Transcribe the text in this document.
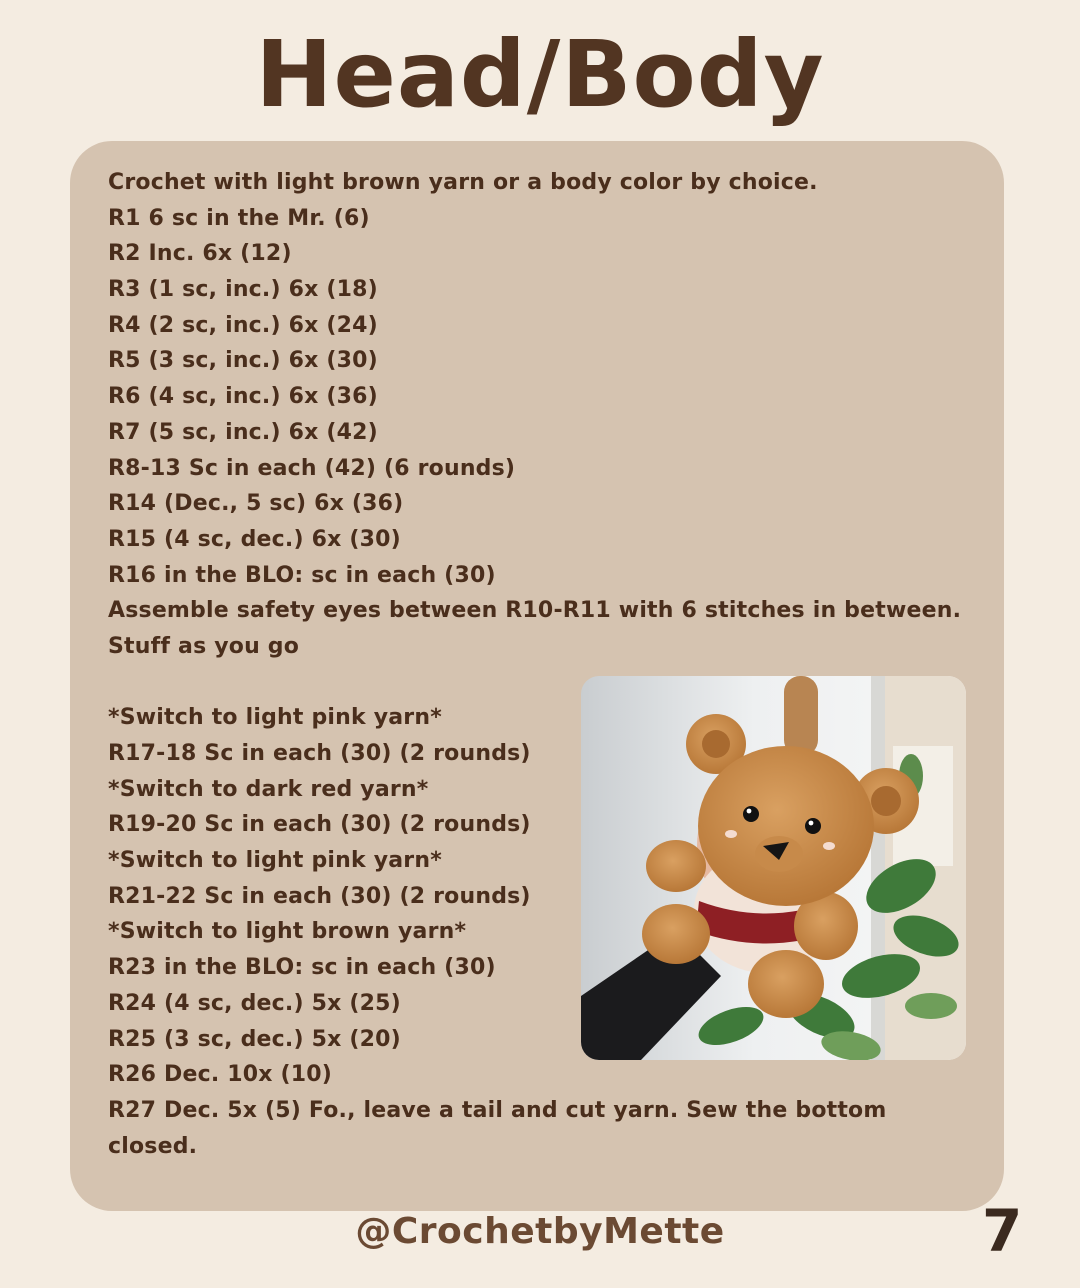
Head/Body
Crochet with light brown yarn or a body color by choice.
R1 6 sc in the Mr. (6)
R2 Inc. 6x (12)
R3 (1 sc, inc.) 6x (18)
R4 (2 sc, inc.) 6x (24)
R5 (3 sc, inc.) 6x (30)
R6 (4 sc, inc.) 6x (36)
R7 (5 sc, inc.) 6x (42)
R8-13 Sc in each (42) (6 rounds)
R14 (Dec., 5 sc) 6x (36)
R15 (4 sc, dec.) 6x (30)
R16 in the BLO: sc in each (30)
Assemble safety eyes between R10-R11 with 6 stitches in between.
Stuff as you go
*Switch to light pink yarn*
R17-18 Sc in each (30) (2 rounds)
*Switch to dark red yarn*
R19-20 Sc in each (30) (2 rounds)
*Switch to light pink yarn*
R21-22 Sc in each (30) (2 rounds)
*Switch to light brown yarn*
R23 in the BLO: sc in each (30)
R24 (4 sc, dec.) 5x (25)
R25 (3 sc, dec.) 5x (20)
R26 Dec. 10x (10)
R27 Dec. 5x (5) Fo., leave a tail and cut yarn. Sew the bottom
closed.
@CrochetbyMette	7
